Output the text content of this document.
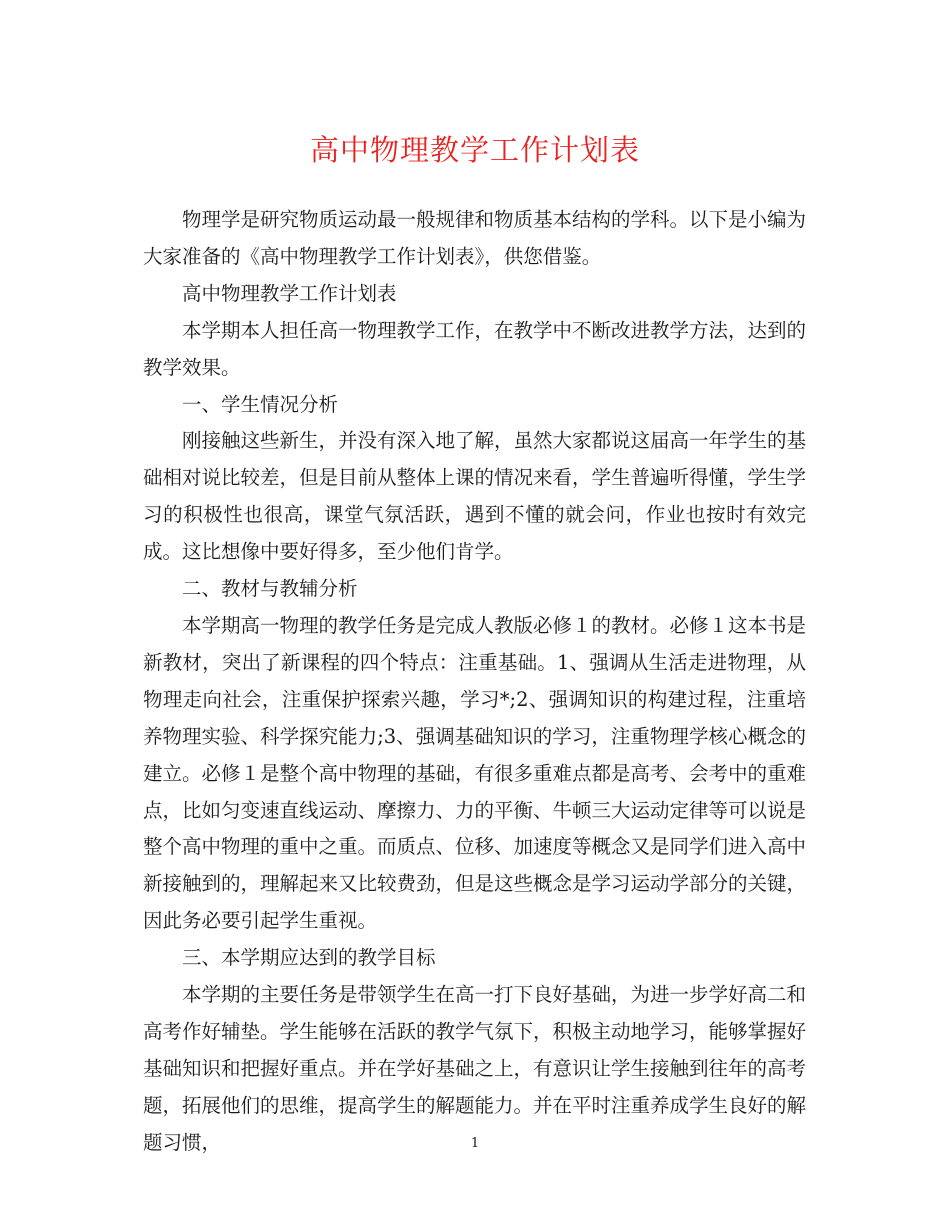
高中物理教学工作计划表

物理学是研究物质运动最一般规律和物质基本结构的学科。以下是小编为大家准备的《高中物理教学工作计划表》，供您借鉴。

高中物理教学工作计划表

本学期本人担任高一物理教学工作，在教学中不断改进教学方法，达到的教学效果。

一、学生情况分析

刚接触这些新生，并没有深入地了解，虽然大家都说这届高一年学生的基础相对说比较差，但是目前从整体上课的情况来看，学生普遍听得懂，学生学习的积极性也很高，课堂气氛活跃，遇到不懂的就会问，作业也按时有效完成。这比想像中要好得多，至少他们肯学。

二、教材与教辅分析

本学期高一物理的教学任务是完成人教版必修１的教材。必修１这本书是新教材，突出了新课程的四个特点：注重基础。1、强调从生活走进物理，从物理走向社会，注重保护探索兴趣，学习*;2、强调知识的构建过程，注重培养物理实验、科学探究能力;3、强调基础知识的学习，注重物理学核心概念的建立。必修１是整个高中物理的基础，有很多重难点都是高考、会考中的重难点，比如匀变速直线运动、摩擦力、力的平衡、牛顿三大运动定律等可以说是整个高中物理的重中之重。而质点、位移、加速度等概念又是同学们进入高中新接触到的，理解起来又比较费劲，但是这些概念是学习运动学部分的关键，因此务必要引起学生重视。

三、本学期应达到的教学目标

本学期的主要任务是带领学生在高一打下良好基础，为进一步学好高二和高考作好辅垫。学生能够在活跃的教学气氛下，积极主动地学习，能够掌握好基础知识和把握好重点。并在学好基础之上，有意识让学生接触到往年的高考题，拓展他们的思维，提高学生的解题能力。并在平时注重养成学生良好的解题习惯，	1
